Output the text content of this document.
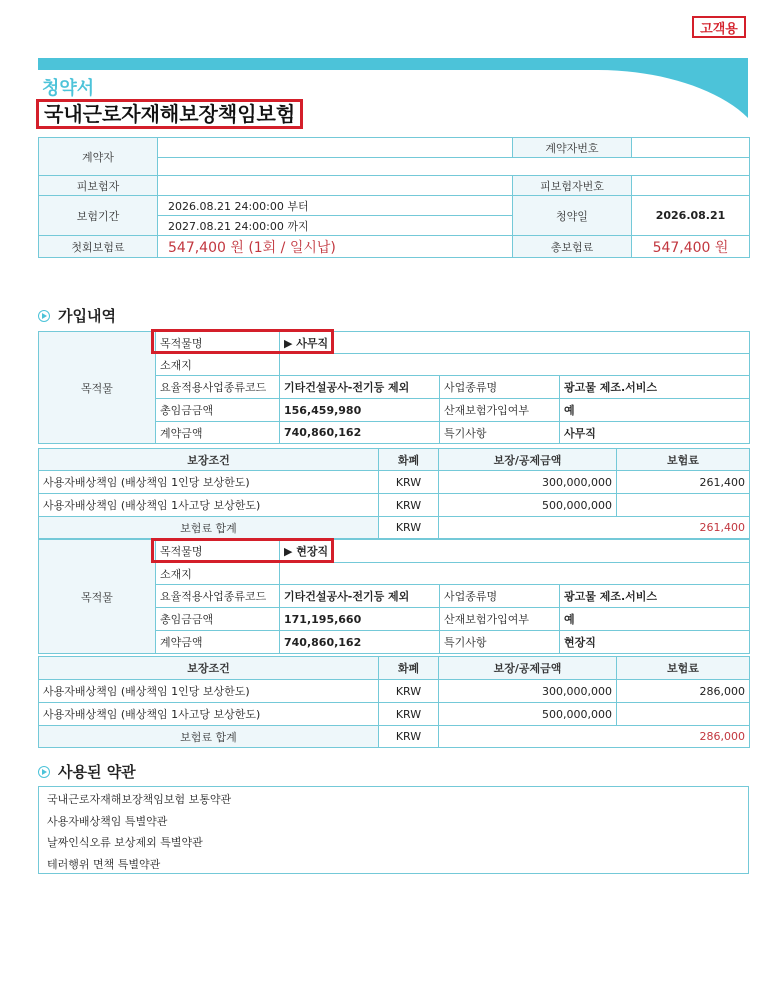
고객용
청약서
국내근로자재해보장책임보험
계약자		계약자번호	

피보험자		피보험자번호	
보험기간	2026.08.21 24:00:00 부터	청약일	2026.08.21
	2027.08.21 24:00:00 까지		
첫회보험료	547,400 원 (1회 / 일시납)	총보험료	547,400 원
가입내역
목적물	목적물명	▶ 사무직		
	소재지			
	요율적용사업종류코드	기타건설공사-전기등 제외	사업종류명	광고물 제조.서비스
	총임금금액	156,459,980	산재보험가입여부	예
	계약금액	740,860,162	특기사항	사무직
보장조건	화폐	보장/공제금액	보험료
사용자배상책임 (배상책임 1인당 보상한도)	KRW	300,000,000	261,400
사용자배상책임 (배상책임 1사고당 보상한도)	KRW	500,000,000	
보험료 합계	KRW	261,400	
목적물	목적물명	▶ 현장직		
	소재지			
	요율적용사업종류코드	기타건설공사-전기등 제외	사업종류명	광고물 제조.서비스
	총임금금액	171,195,660	산재보험가입여부	예
	계약금액	740,860,162	특기사항	현장직
보장조건	화폐	보장/공제금액	보험료
사용자배상책임 (배상책임 1인당 보상한도)	KRW	300,000,000	286,000
사용자배상책임 (배상책임 1사고당 보상한도)	KRW	500,000,000	
보험료 합계	KRW	286,000	
사용된 약관
국내근로자재해보장책임보험 보통약관
사용자배상책임 특별약관
날짜인식오류 보상제외 특별약관
테러행위 면책 특별약관
